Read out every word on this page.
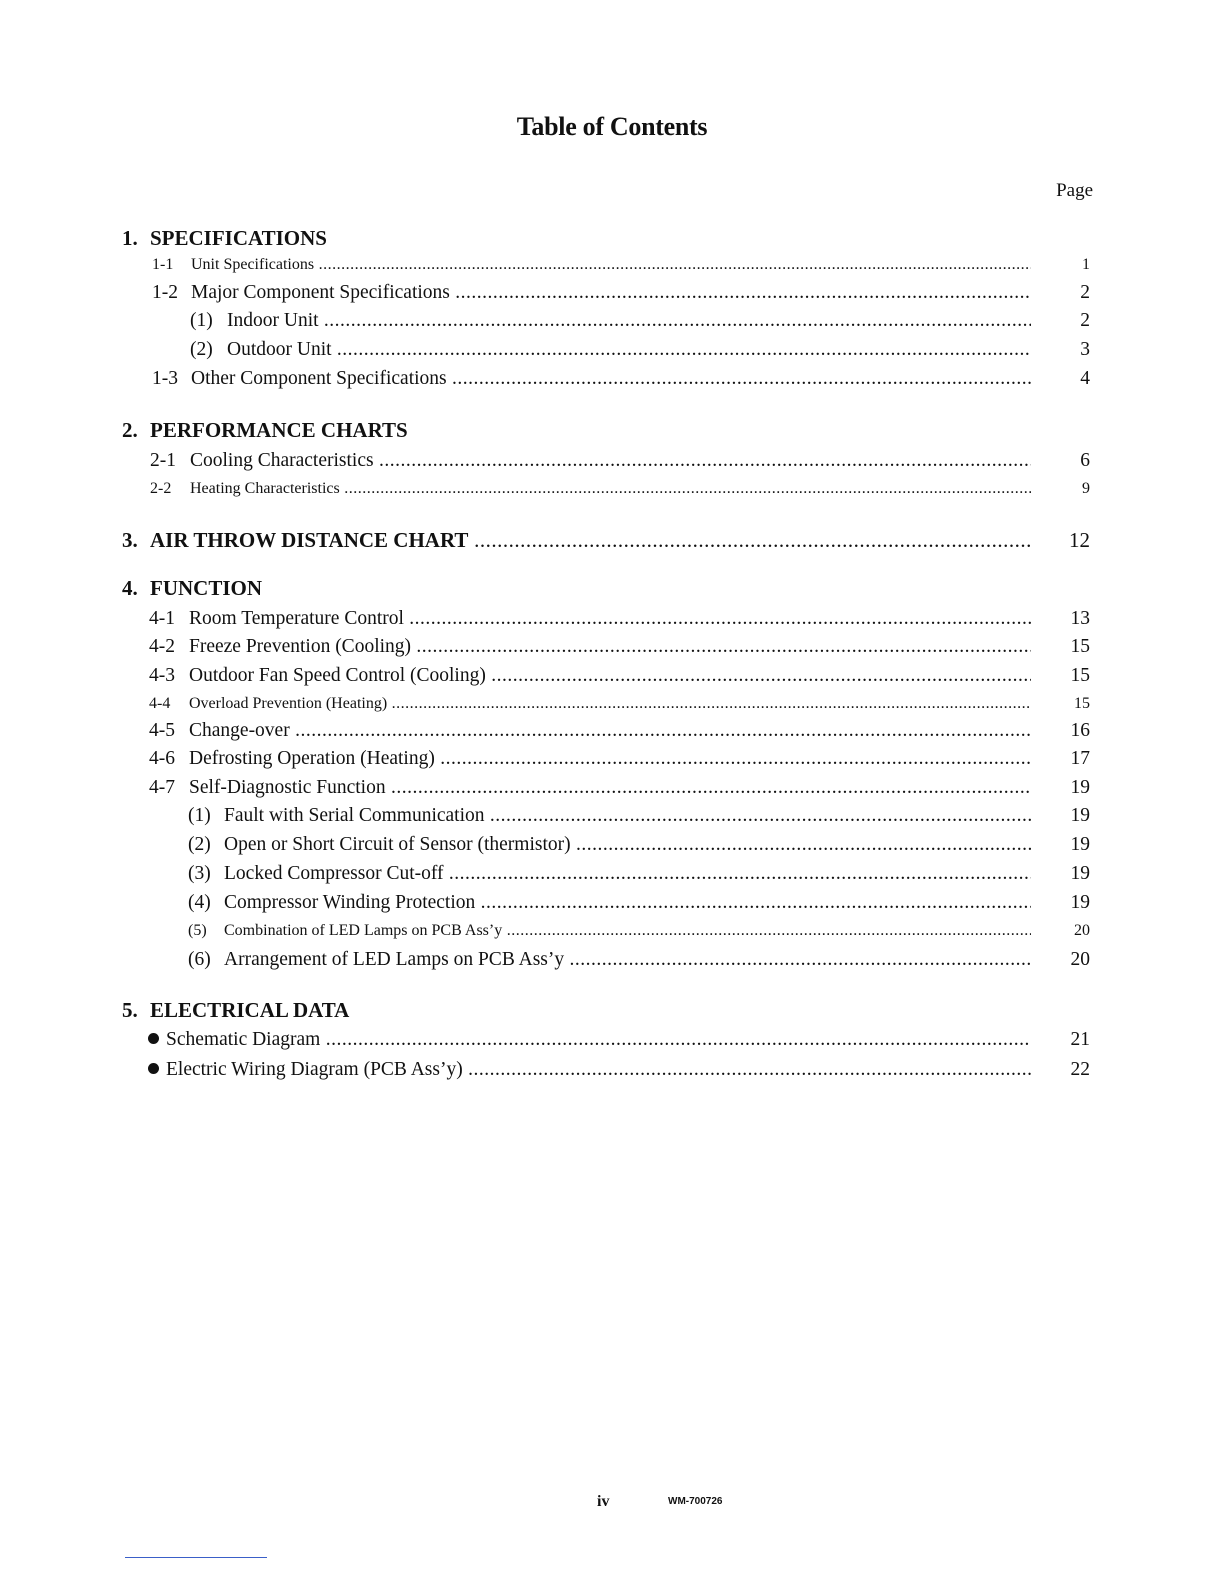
Table of Contents
Page
1. SPECIFICATIONS
1-1 Unit Specifications .....	1
1-2 Major Component Specifications .....	2
(1) Indoor Unit .....	2
(2) Outdoor Unit .....	3
1-3 Other Component Specifications .....	4
2. PERFORMANCE CHARTS
2-1 Cooling Characteristics .....	6
2-2 Heating Characteristics .....	9
3. AIR THROW DISTANCE CHART .....	12
4. FUNCTION
4-1 Room Temperature Control .....	13
4-2 Freeze Prevention (Cooling) .....	15
4-3 Outdoor Fan Speed Control (Cooling) .....	15
4-4 Overload Prevention (Heating) .....	15
4-5 Change-over .....	16
4-6 Defrosting Operation (Heating) .....	17
4-7 Self-Diagnostic Function .....	19
(1) Fault with Serial Communication .....	19
(2) Open or Short Circuit of Sensor (thermistor) .....	19
(3) Locked Compressor Cut-off .....	19
(4) Compressor Winding Protection .....	19
(5) Combination of LED Lamps on PCB Ass’y .....	20
(6) Arrangement of LED Lamps on PCB Ass’y .....	20
5. ELECTRICAL DATA
Schematic Diagram .....	21
Electric Wiring Diagram (PCB Ass’y) .....	22
iv	WM-700726
